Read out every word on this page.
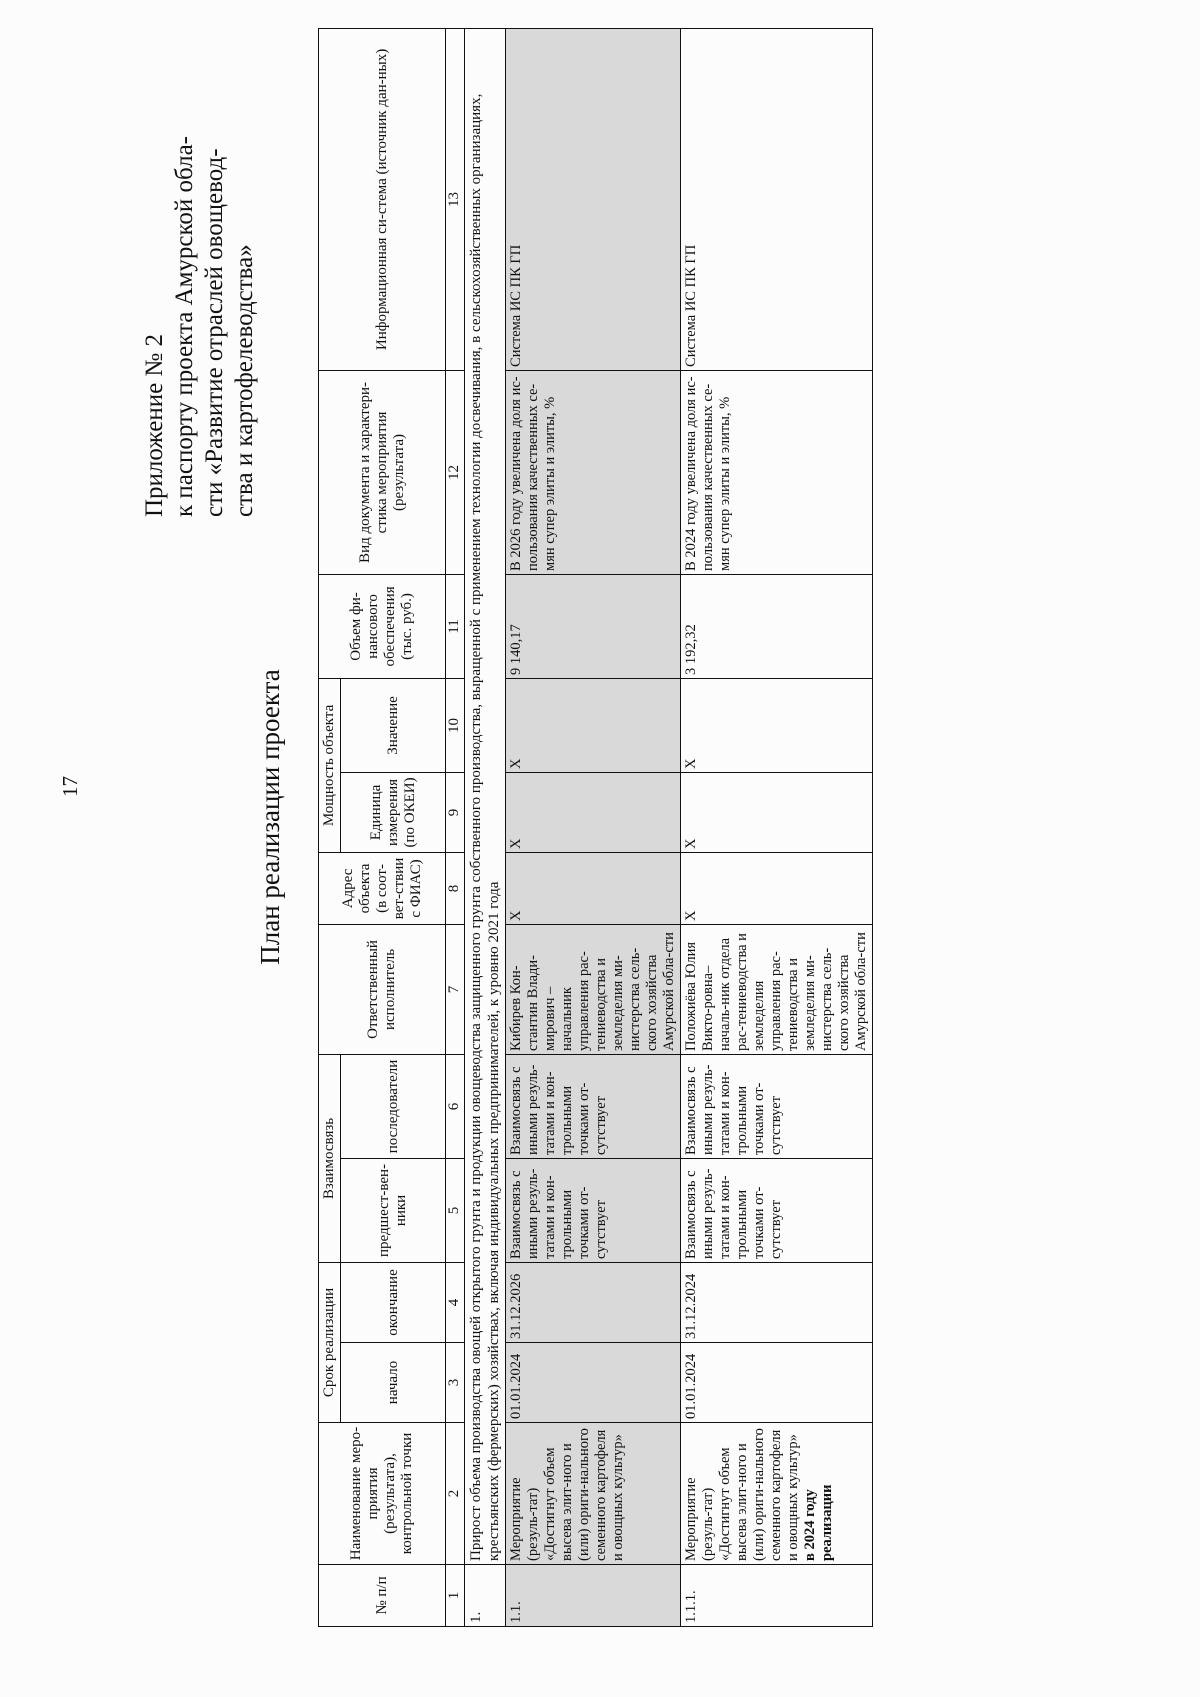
17
Приложение № 2 к паспорту проекта Амурской обла- сти «Развитие отраслей овощевод- ства и картофелеводства»
План реализации проекта
№ п/п	Наименование меро-приятия (результата), контрольной точки	Срок реализации		Взаимосвязь		Ответственный исполнитель	Адрес объекта (в соот-вет-ствии с ФИАС)	Мощность объекта		Объем фи-нансового обеспечения (тыс. руб.)	Вид документа и характери-стика мероприятия (результата)	Информационная си-стема (источник дан-ных)
		начало	окончание	предшест-вен-ники	последователи			Единица измерения (по ОКЕИ)	Значение			
1	2	3	4	5	6	7	8	9	10	11	12	13
1.	Прирост объема производства овощей открытого грунта и продукции овощеводства защищенного грунта собственного производства, выращенной с применением технологии досвечивания, в сельскохозяйственных организациях, крестьянских (фермерских) хозяйствах, включая индивидуальных предпринимателей, к уровню 2021 года											
1.1.	Мероприятие (резуль-тат) «Достигнут объем высева элит-ного и (или) ориги-нального семенного картофеля и овощных культур»	01.01.2024	31.12.2026	Взаимосвязь с иными резуль-татами и кон-трольными точками от-сутствует	Взаимосвязь с иными резуль-татами и кон-трольными точками от-сутствует	Кибирев Кон-стантин Влади-мирович – начальник управления рас-тениеводства и земледелия ми-нистерства сель-ского хозяйства Амурской обла-сти	X	X	X	9 140,17	В 2026 году увеличена доля ис-пользования качественных се-мян супер элиты и элиты, %	Система ИС ПК ГП
1.1.1.	Мероприятие (резуль-тат) «Достигнут объем высева элит-ного и (или) ориги-нального семенного картофеля и овощных культур» в 2024 году реализации	01.01.2024	31.12.2024	Взаимосвязь с иными резуль-татами и кон-трольными точками от-сутствует	Взаимосвязь с иными резуль-татами и кон-трольными точками от-сутствует	Положиёва Юлия Викто-ровна– началь-ник отдела рас-тениеводства и земледелия управления рас-тениеводства и земледелия ми-нистерства сель-ского хозяйства Амурской обла-сти	X	X	X	3 192,32	В 2024 году увеличена доля ис-пользования качественных се-мян супер элиты и элиты, %	Система ИС ПК ГП
